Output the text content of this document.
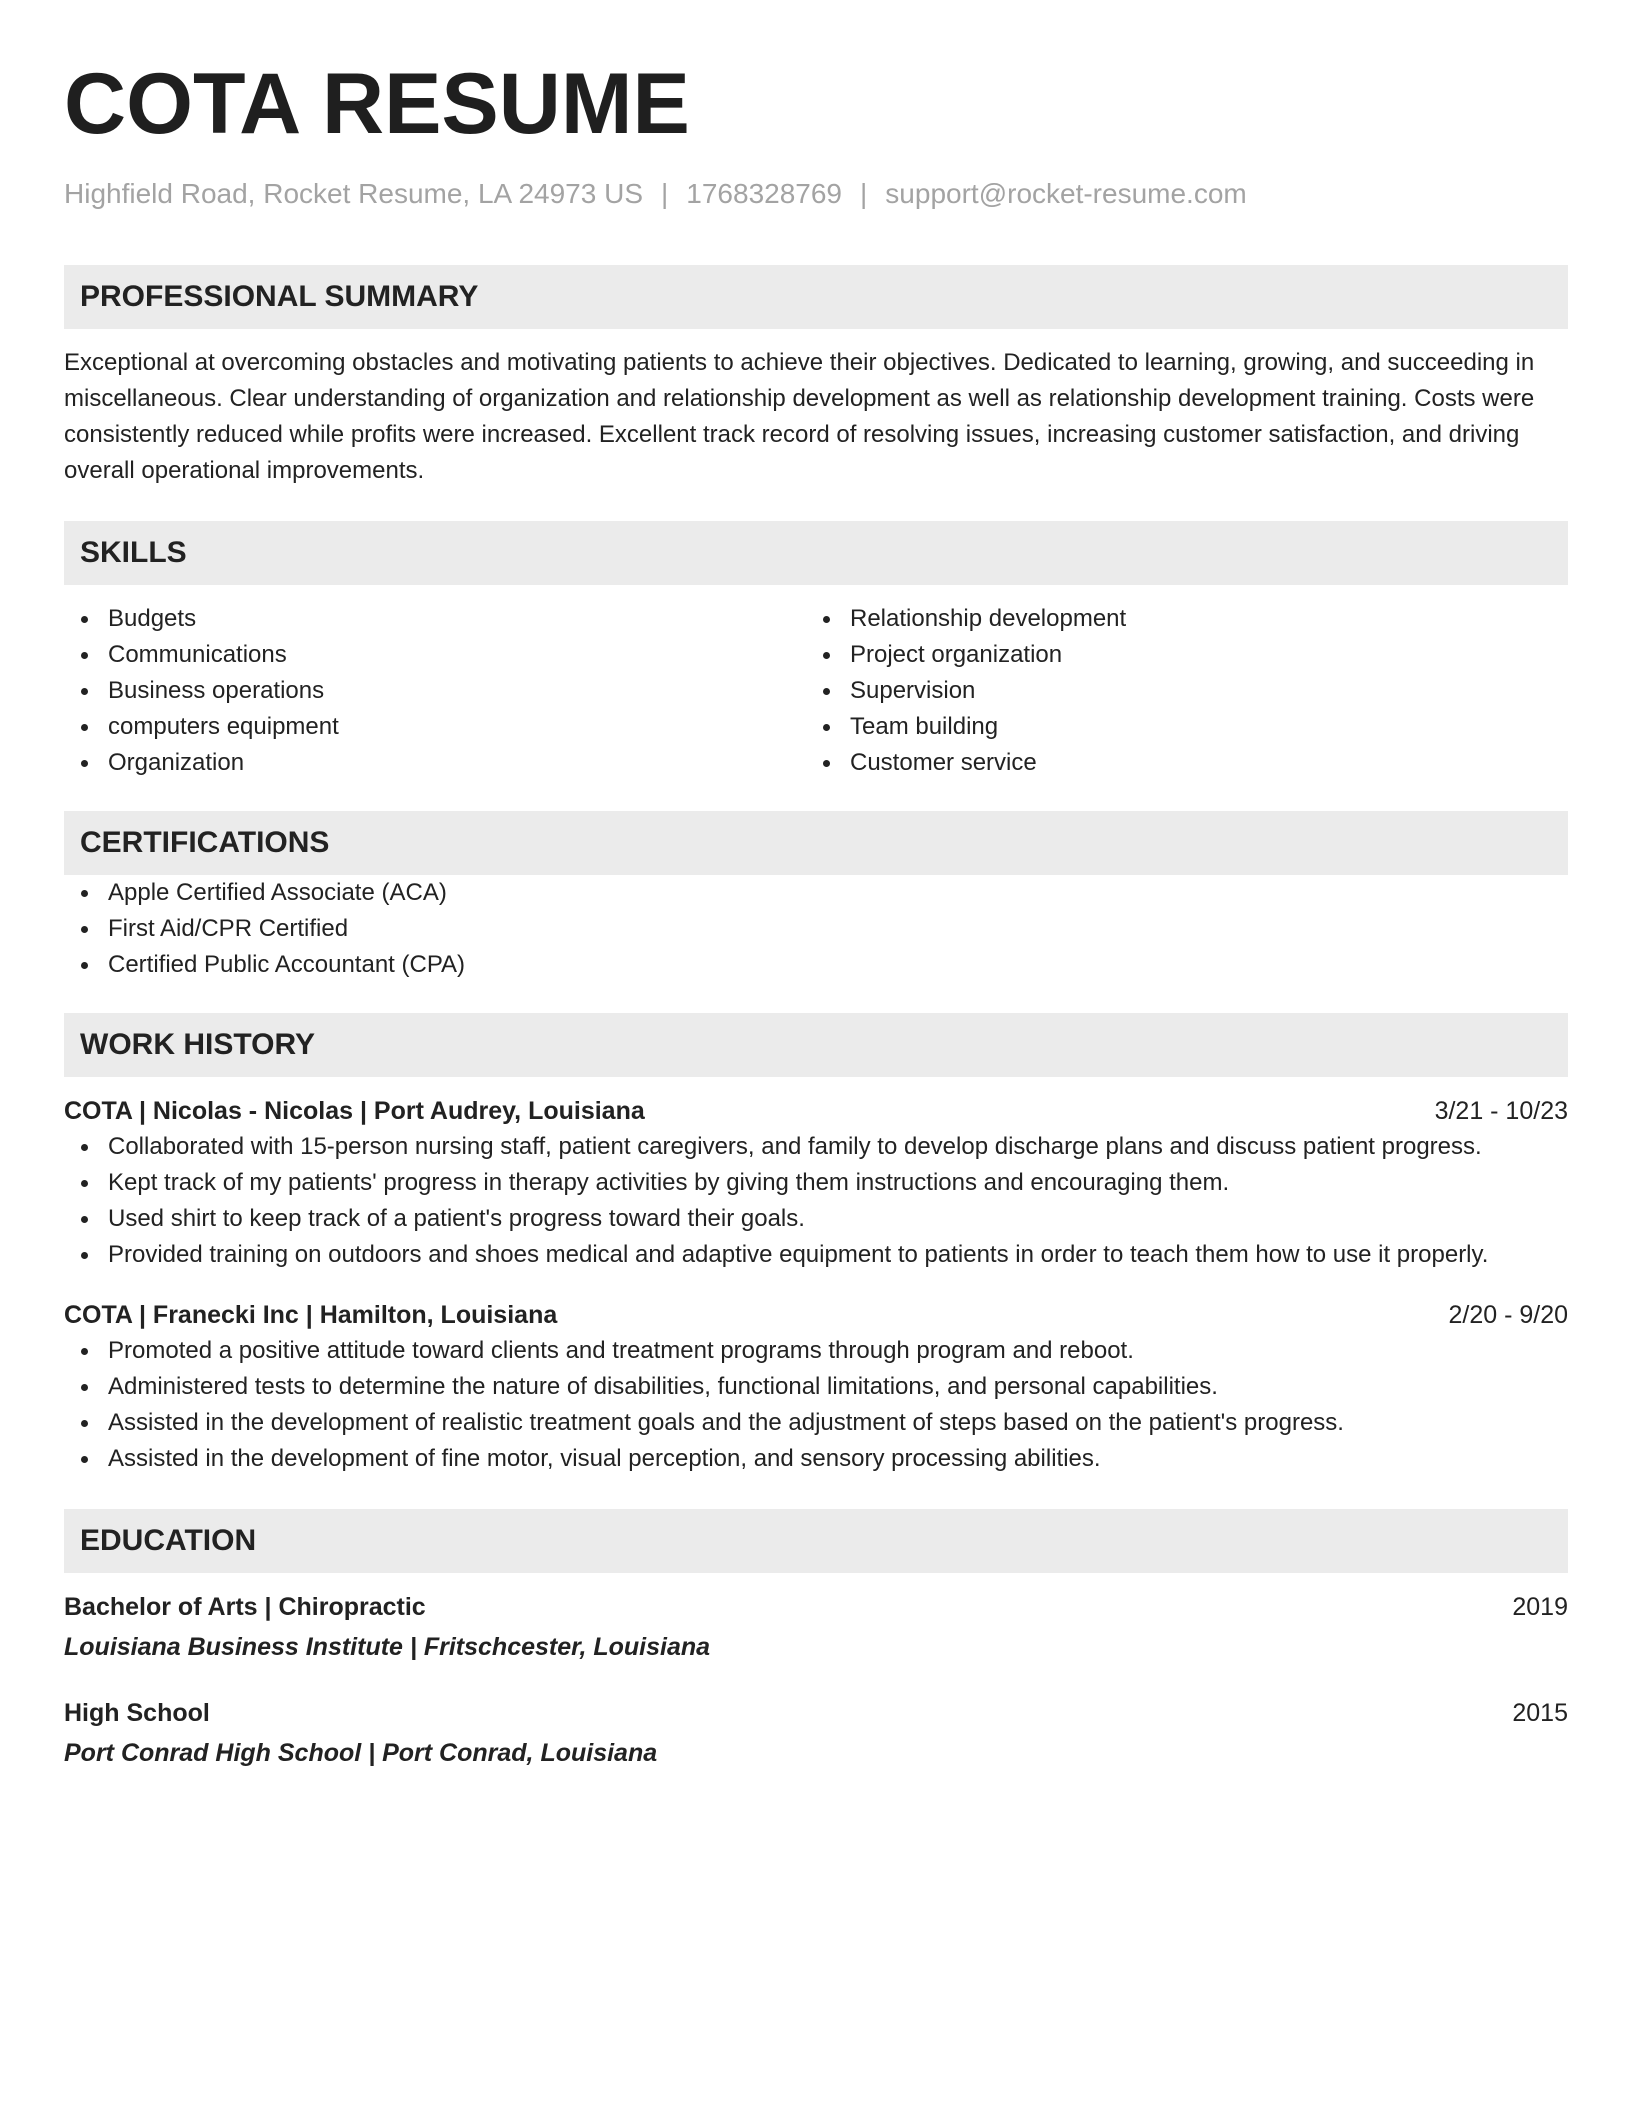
COTA RESUME
Highfield Road, Rocket Resume, LA 24973 US | 1768328769 | support@rocket-resume.com
PROFESSIONAL SUMMARY
Exceptional at overcoming obstacles and motivating patients to achieve their objectives. Dedicated to learning, growing, and succeeding in miscellaneous. Clear understanding of organization and relationship development as well as relationship development training. Costs were consistently reduced while profits were increased. Excellent track record of resolving issues, increasing customer satisfaction, and driving overall operational improvements.
SKILLS
Budgets
Communications
Business operations
computers equipment
Organization
Relationship development
Project organization
Supervision
Team building
Customer service
CERTIFICATIONS
Apple Certified Associate (ACA)
First Aid/CPR Certified
Certified Public Accountant (CPA)
WORK HISTORY
COTA | Nicolas - Nicolas | Port Audrey, Louisiana	3/21 - 10/23
Collaborated with 15-person nursing staff, patient caregivers, and family to develop discharge plans and discuss patient progress.
Kept track of my patients' progress in therapy activities by giving them instructions and encouraging them.
Used shirt to keep track of a patient's progress toward their goals.
Provided training on outdoors and shoes medical and adaptive equipment to patients in order to teach them how to use it properly.
COTA | Franecki Inc | Hamilton, Louisiana	2/20 - 9/20
Promoted a positive attitude toward clients and treatment programs through program and reboot.
Administered tests to determine the nature of disabilities, functional limitations, and personal capabilities.
Assisted in the development of realistic treatment goals and the adjustment of steps based on the patient's progress.
Assisted in the development of fine motor, visual perception, and sensory processing abilities.
EDUCATION
Bachelor of Arts | Chiropractic	2019
Louisiana Business Institute | Fritschcester, Louisiana
High School	2015
Port Conrad High School | Port Conrad, Louisiana
